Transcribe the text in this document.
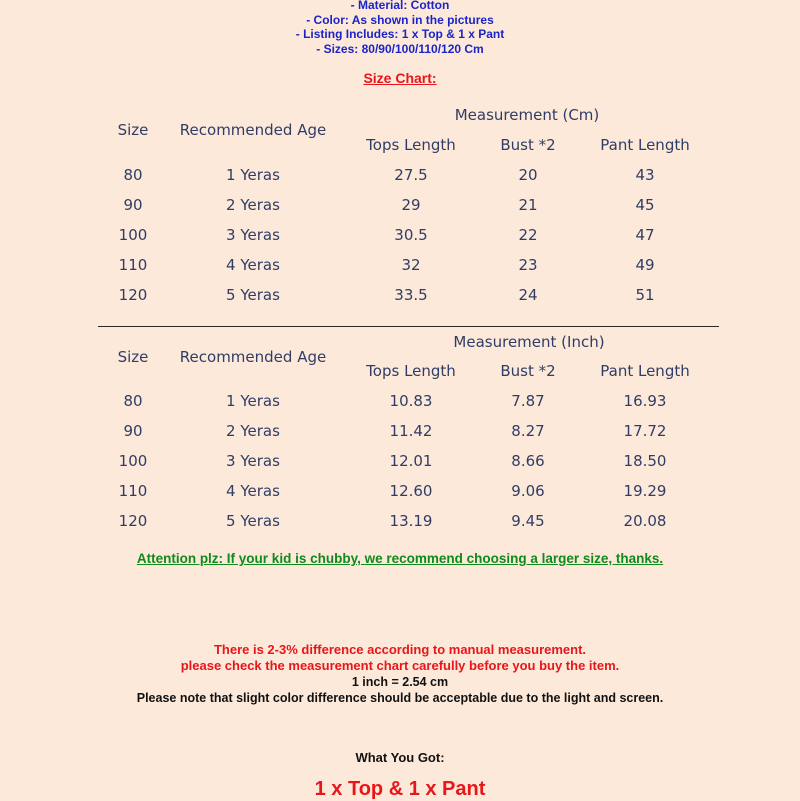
- Material: Cotton
- Color: As shown in the pictures
- Listing Includes: 1 x Top & 1 x Pant
- Sizes: 80/90/100/110/120 Cm
Size Chart:
Measurement (Cm)
Size Recommended Age
Tops Length	Bust *2	Pant Length
80	1 Yeras	27.5	20	43
90	2 Yeras	29	21	45
100	3 Yeras	30.5	22	47
110	4 Yeras	32	23	49
120	5 Yeras	33.5	24	51
Measurement (Inch)
Size Recommended Age
Tops Length	Bust *2	Pant Length
80	1 Yeras	10.83	7.87	16.93
90	2 Yeras	11.42	8.27	17.72
100	3 Yeras	12.01	8.66	18.50
110	4 Yeras	12.60	9.06	19.29
120	5 Yeras	13.19	9.45	20.08
Attention plz: If your kid is chubby, we recommend choosing a larger size, thanks.
There is 2-3% difference according to manual measurement.
please check the measurement chart carefully before you buy the item.
1 inch = 2.54 cm
Please note that slight color difference should be acceptable due to the light and screen.
What You Got:
1 x Top & 1 x Pant
